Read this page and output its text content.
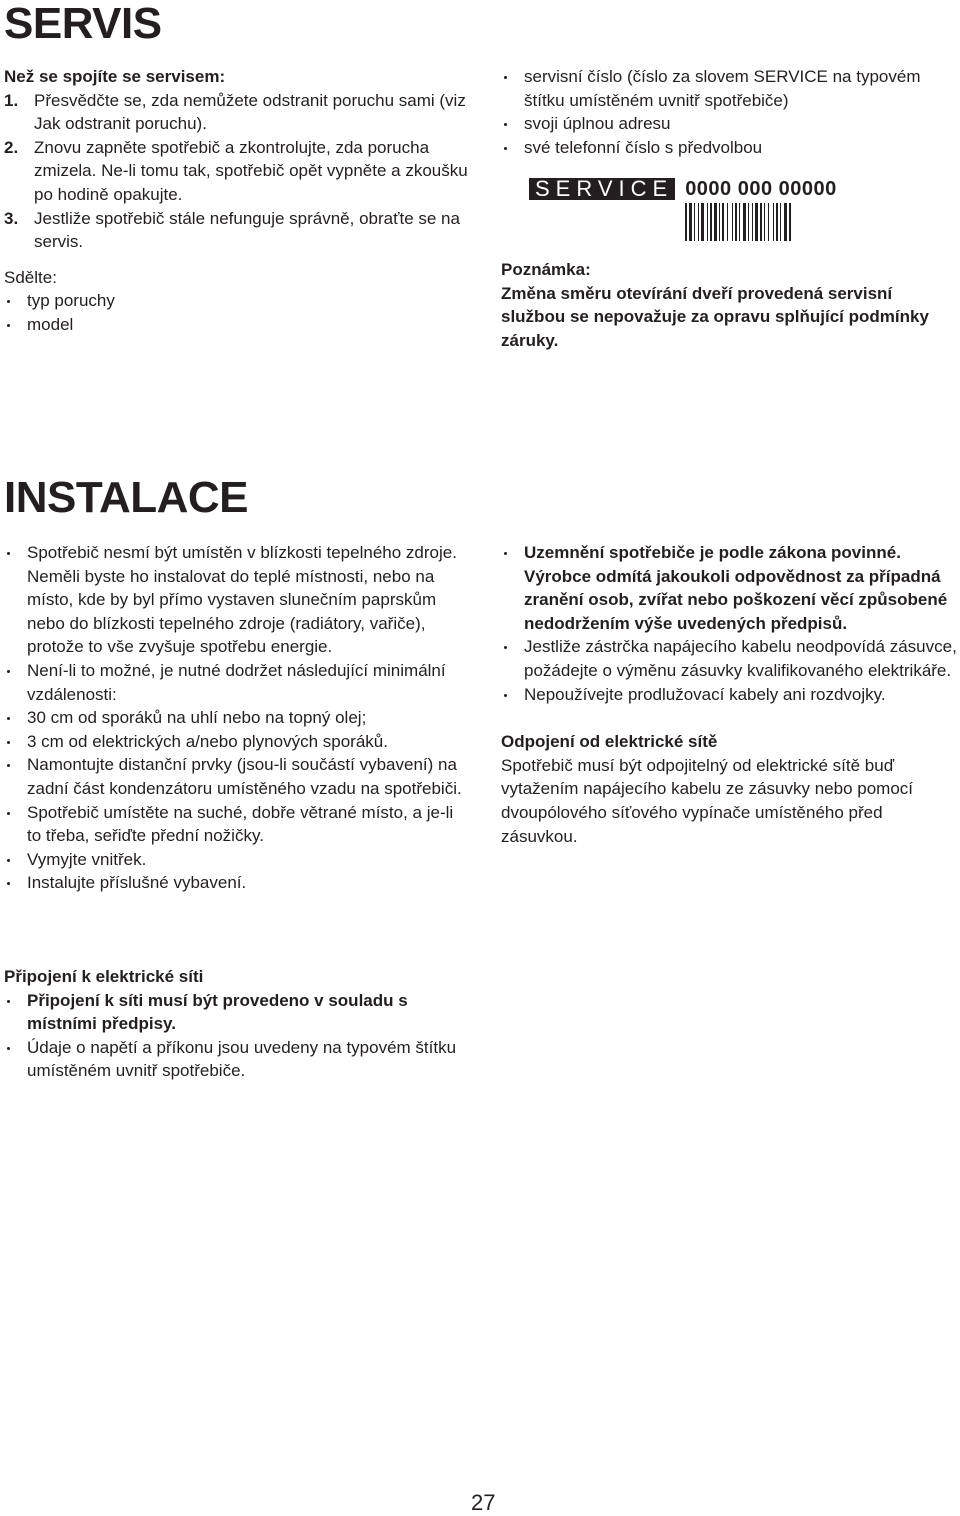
SERVIS

Než se spojíte se servisem:

1. Přesvědčte se, zda nemůžete odstranit poruchu sami (viz Jak odstranit poruchu).
2. Znovu zapněte spotřebič a zkontrolujte, zda porucha zmizela. Ne-li tomu tak, spotřebič opět vypněte a zkoušku po hodině opakujte.
3. Jestliže spotřebič stále nefunguje správně, obraťte se na servis.

Sdělte:

typ poruchy
model
servisní číslo (číslo za slovem SERVICE na typovém štítku umístěném uvnitř spotřebiče)
svoji úplnou adresu
své telefonní číslo s předvolbou
SERVICE 0000 000 00000

Poznámka:

Změna směru otevírání dveří provedená servisní službou se nepovažuje za opravu splňující podmínky záruky.

INSTALACE
Spotřebič nesmí být umístěn v blízkosti tepelného zdroje. Neměli byste ho instalovat do teplé místnosti, nebo na místo, kde by byl přímo vystaven slunečním paprskům nebo do blízkosti tepelného zdroje (radiátory, vařiče), protože to vše zvyšuje spotřebu energie.
Není-li to možné, je nutné dodržet následující minimální vzdálenosti:
30 cm od sporáků na uhlí nebo na topný olej;
3 cm od elektrických a/nebo plynových sporáků.
Namontujte distanční prvky (jsou-li součástí vybavení) na zadní část kondenzátoru umístěného vzadu na spotřebiči.
Spotřebič umístěte na suché, dobře větrané místo, a je-li to třeba, seřiďte přední nožičky.
Vymyjte vnitřek.
Instalujte příslušné vybavení.
Uzemnění spotřebiče je podle zákona povinné. Výrobce odmítá jakoukoli odpovědnost za případná zranění osob, zvířat nebo poškození věcí způsobené nedodržením výše uvedených předpisů.
Jestliže zástrčka napájecího kabelu neodpovídá zásuvce, požádejte o výměnu zásuvky kvalifikovaného elektrikáře.
Nepoužívejte prodlužovací kabely ani rozdvojky.

Odpojení od elektrické sítě

Spotřebič musí být odpojitelný od elektrické sítě buď vytažením napájecího kabelu ze zásuvky nebo pomocí dvoupólového síťového vypínače umístěného před zásuvkou.

Připojení k elektrické síti

Připojení k síti musí být provedeno v souladu s místními předpisy.
Údaje o napětí a příkonu jsou uvedeny na typovém štítku umístěném uvnitř spotřebiče.
27
